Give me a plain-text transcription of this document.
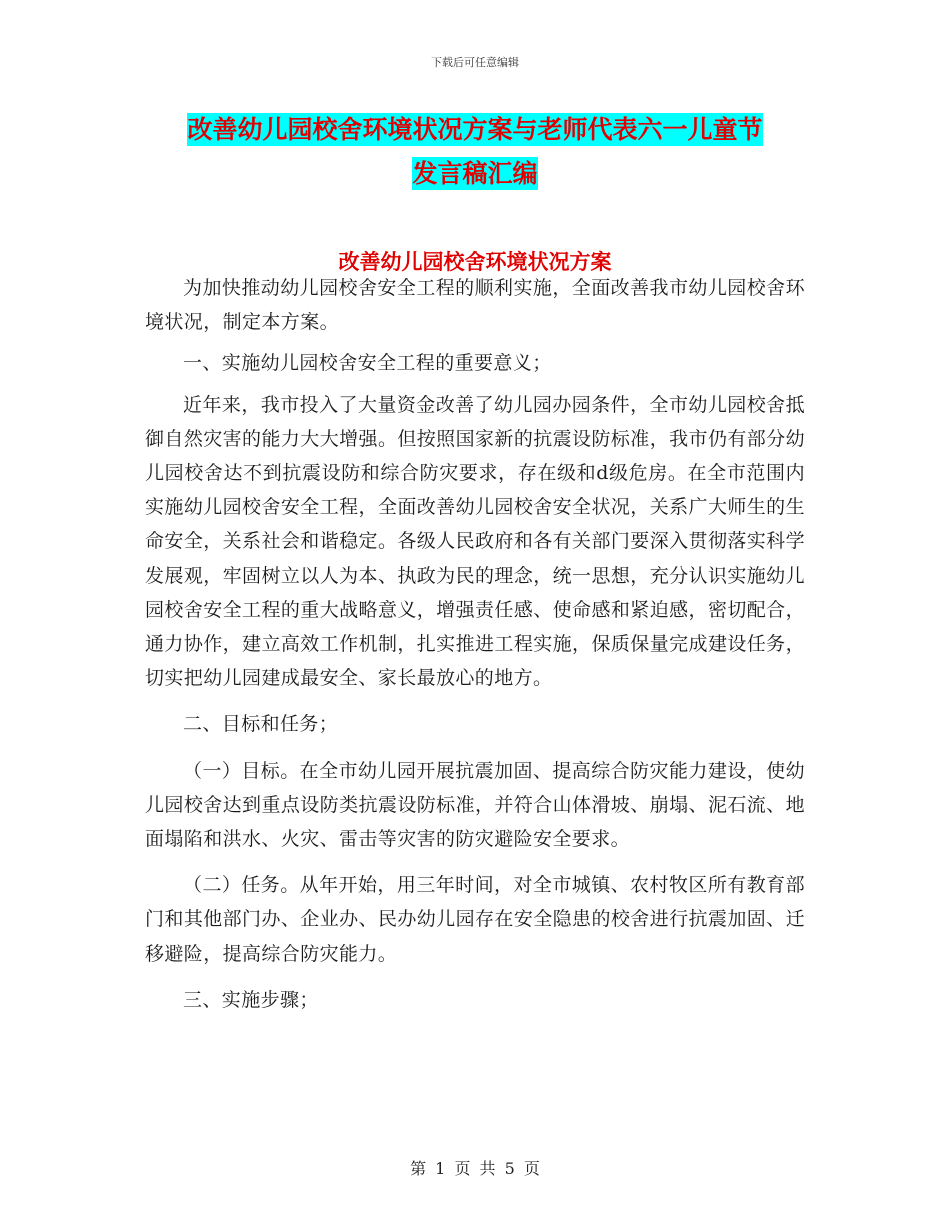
下载后可任意编辑
改善幼儿园校舍环境状况方案与老师代表六一儿童节
发言稿汇编
改善幼儿园校舍环境状况方案

为加快推动幼儿园校舍安全工程的顺利实施，全面改善我市幼儿园校舍环境状况，制定本方案。

一、实施幼儿园校舍安全工程的重要意义；

近年来，我市投入了大量资金改善了幼儿园办园条件，全市幼儿园校舍抵御自然灾害的能力大大增强。但按照国家新的抗震设防标准，我市仍有部分幼儿园校舍达不到抗震设防和综合防灾要求，存在级和d级危房。在全市范围内实施幼儿园校舍安全工程，全面改善幼儿园校舍安全状况，关系广大师生的生命安全，关系社会和谐稳定。各级人民政府和各有关部门要深入贯彻落实科学发展观，牢固树立以人为本、执政为民的理念，统一思想，充分认识实施幼儿园校舍安全工程的重大战略意义，增强责任感、使命感和紧迫感，密切配合，通力协作，建立高效工作机制，扎实推进工程实施，保质保量完成建设任务，切实把幼儿园建成最安全、家长最放心的地方。

二、目标和任务；

（一）目标。在全市幼儿园开展抗震加固、提高综合防灾能力建设，使幼儿园校舍达到重点设防类抗震设防标准，并符合山体滑坡、崩塌、泥石流、地面塌陷和洪水、火灾、雷击等灾害的防灾避险安全要求。

（二）任务。从年开始，用三年时间，对全市城镇、农村牧区所有教育部门和其他部门办、企业办、民办幼儿园存在安全隐患的校舍进行抗震加固、迁移避险，提高综合防灾能力。

三、实施步骤；

第 1 页 共 5 页
